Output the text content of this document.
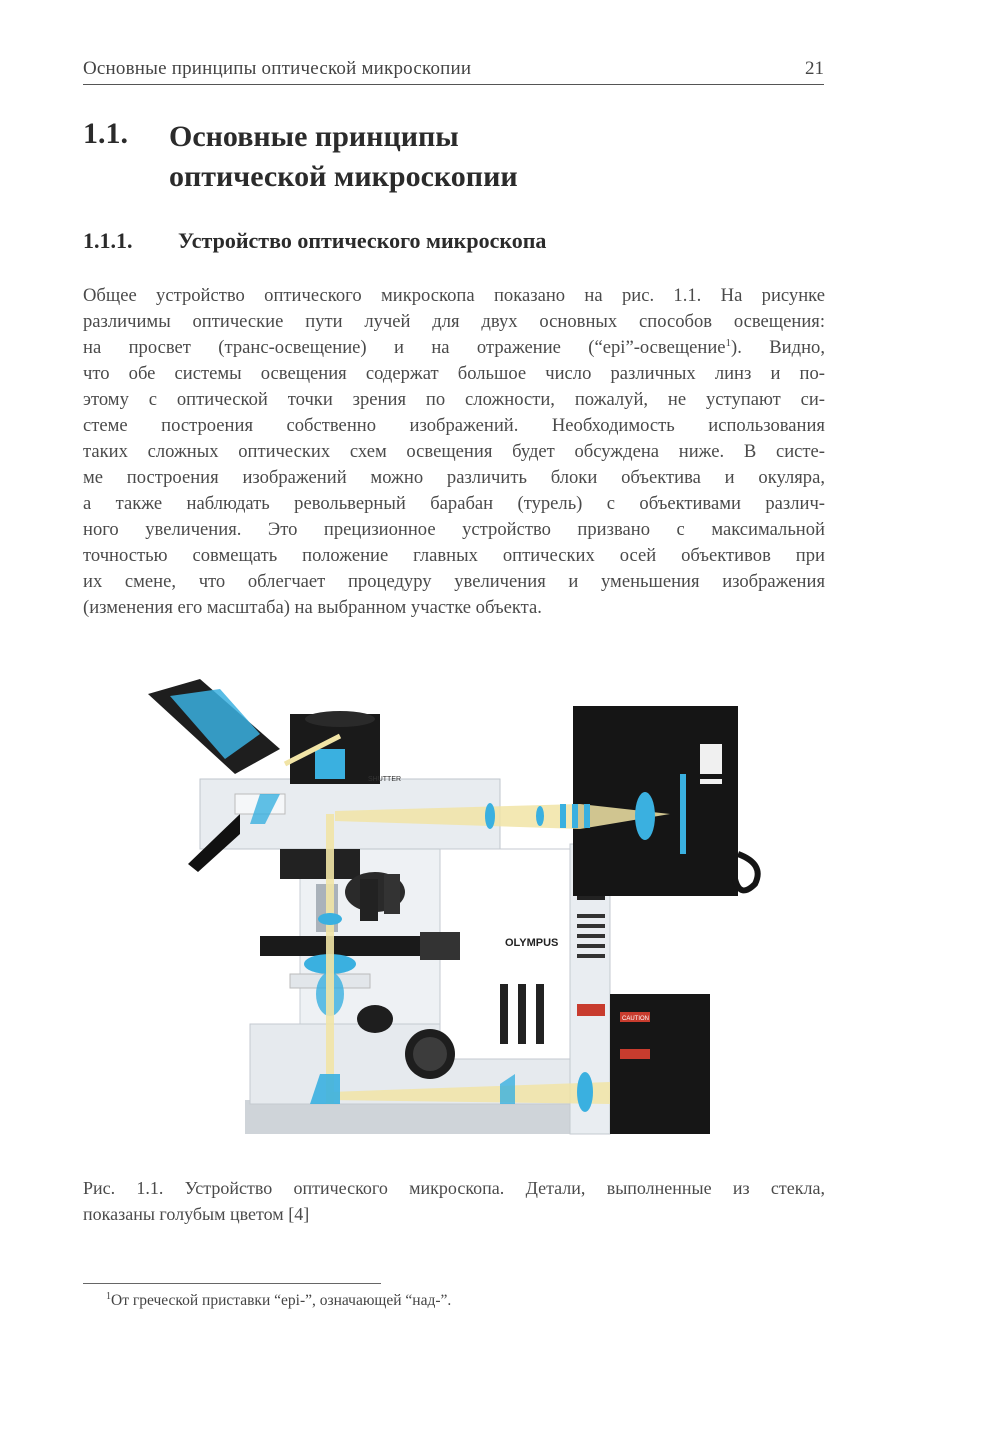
Основные принципы оптической микроскопии	21
1.1. Основные принципы
оптической микроскопии
1.1.1. Устройство оптического микроскопа
Общее устройство оптического микроскопа показано на рис. 1.1. На рисунке
различимы оптические пути лучей для двух основных способов освещения:
на просвет (транс-освещение) и на отражение (“epi”-освещение$^1$). Видно,
что обе системы освещения содержат большое число различных линз и по-
этому с оптической точки зрения по сложности, пожалуй, не уступают си-
стеме построения собственно изображений. Необходимость использования
таких сложных оптических схем освещения будет обсуждена ниже. В систе-
ме построения изображений можно различить блоки объектива и окуляра,
а также наблюдать револьверный барабан (турель) с объективами различ-
ного увеличения. Это прецизионное устройство призвано с максимальной
точностью совмещать положение главных оптических осей объективов при
их смене, что облегчает процедуру увеличения и уменьшения изображения
(изменения его масштаба) на выбранном участке объекта.
SHUTTER
OLYMPUS
CAUTION
Рис. 1.1. Устройство оптического микроскопа. Детали, выполненные из стекла,
показаны голубым цветом [4]
$^1$От греческой приставки “epi-”, означающей “над-”.
